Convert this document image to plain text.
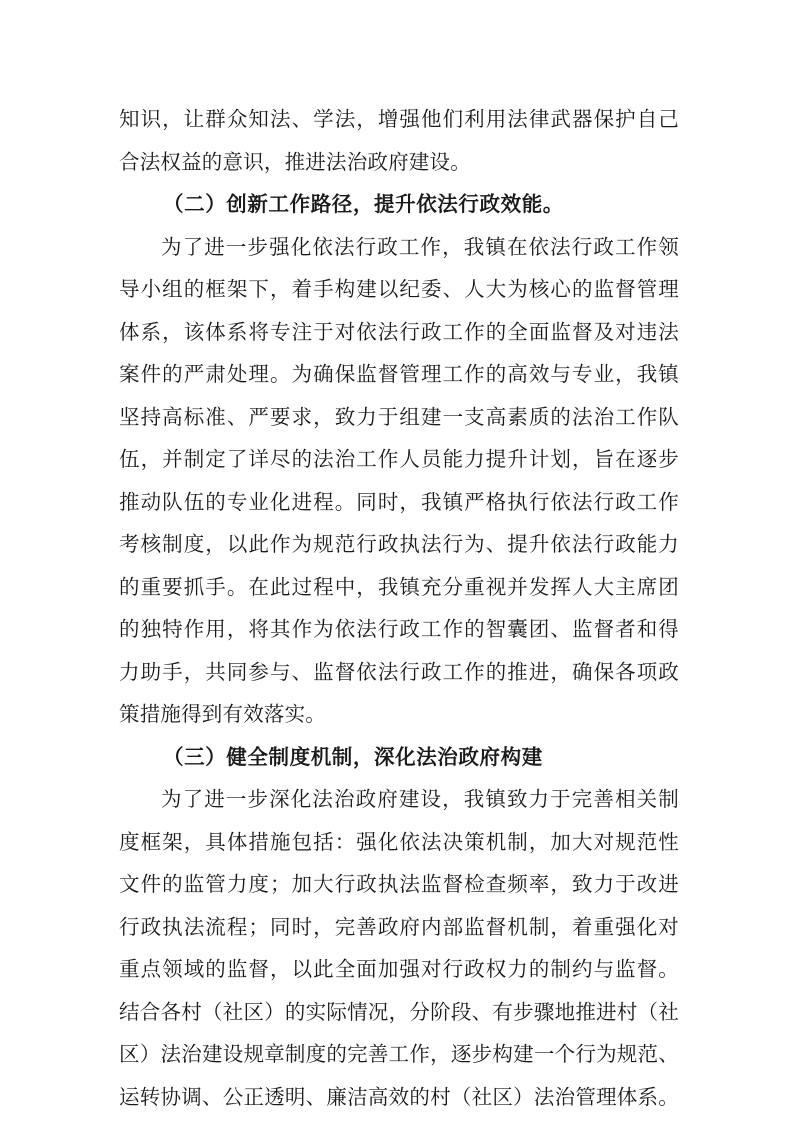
知识，让群众知法、学法，增强他们利用法律武器保护自己
合法权益的意识，推进法治政府建设。
（二）创新工作路径，提升依法行政效能。
为了进一步强化依法行政工作，我镇在依法行政工作领
导小组的框架下，着手构建以纪委、人大为核心的监督管理
体系，该体系将专注于对依法行政工作的全面监督及对违法
案件的严肃处理。为确保监督管理工作的高效与专业，我镇
坚持高标准、严要求，致力于组建一支高素质的法治工作队
伍，并制定了详尽的法治工作人员能力提升计划，旨在逐步
推动队伍的专业化进程。同时，我镇严格执行依法行政工作
考核制度，以此作为规范行政执法行为、提升依法行政能力
的重要抓手。在此过程中，我镇充分重视并发挥人大主席团
的独特作用，将其作为依法行政工作的智囊团、监督者和得
力助手，共同参与、监督依法行政工作的推进，确保各项政
策措施得到有效落实。
（三）健全制度机制，深化法治政府构建
为了进一步深化法治政府建设，我镇致力于完善相关制
度框架，具体措施包括：强化依法决策机制，加大对规范性
文件的监管力度；加大行政执法监督检查频率，致力于改进
行政执法流程；同时，完善政府内部监督机制，着重强化对
重点领域的监督，以此全面加强对行政权力的制约与监督。
结合各村（社区）的实际情况，分阶段、有步骤地推进村（社
区）法治建设规章制度的完善工作，逐步构建一个行为规范、
运转协调、公正透明、廉洁高效的村（社区）法治管理体系。
